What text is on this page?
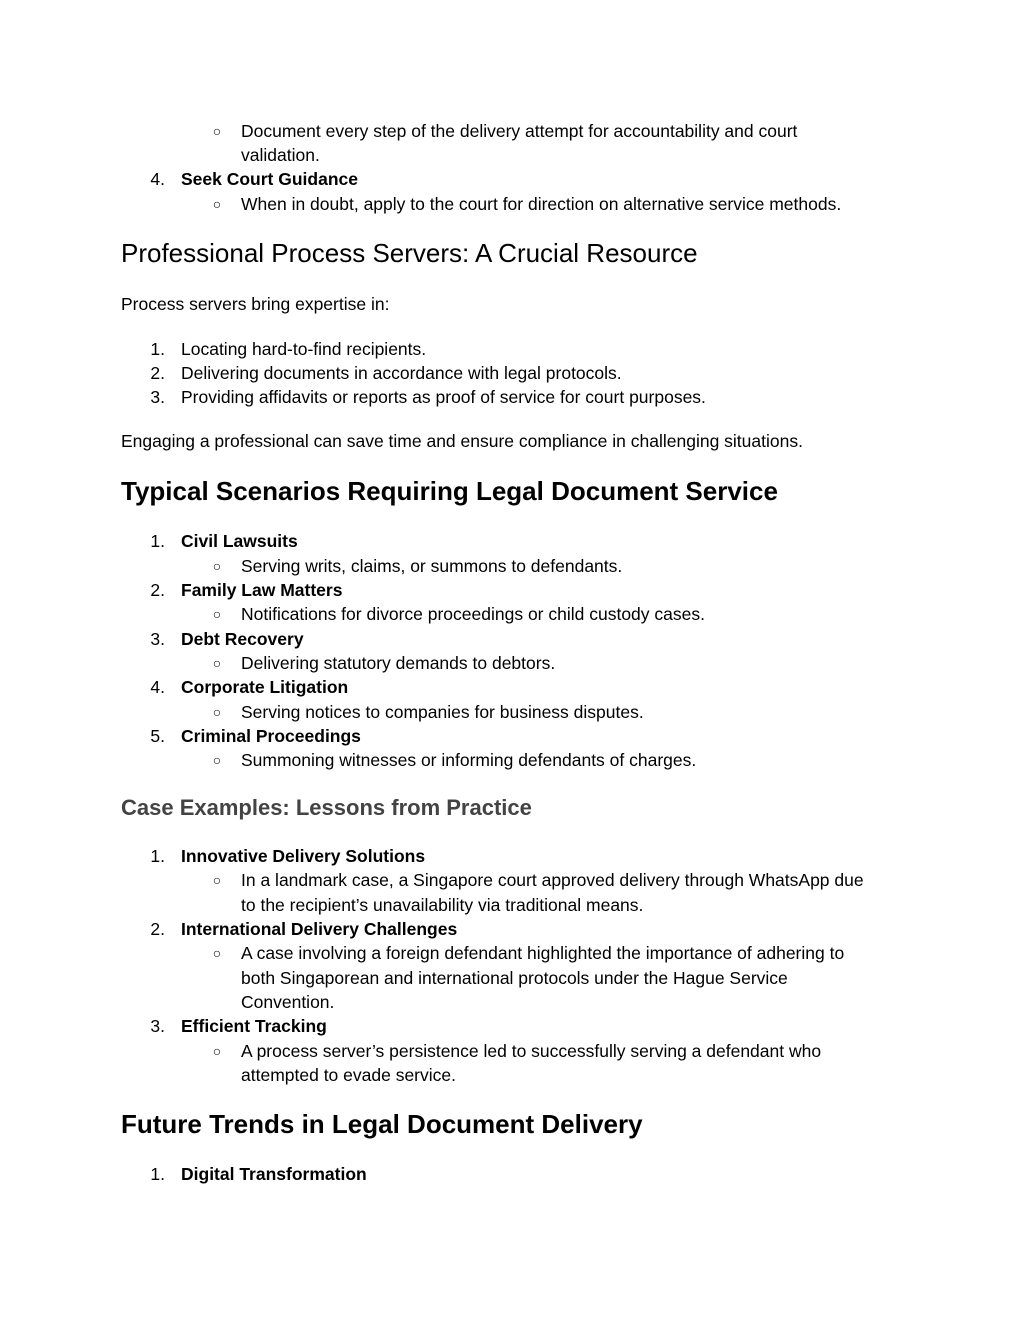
○	Document every step of the delivery attempt for accountability and court
validation.
4. Seek Court Guidance
○	When in doubt, apply to the court for direction on alternative service methods.
Professional Process Servers: A Crucial Resource
Process servers bring expertise in:
1. Locating hard-to-find recipients.
2. Delivering documents in accordance with legal protocols.
3. Providing affidavits or reports as proof of service for court purposes.
Engaging a professional can save time and ensure compliance in challenging situations.
Typical Scenarios Requiring Legal Document Service
1. Civil Lawsuits
○	Serving writs, claims, or summons to defendants.
2. Family Law Matters
○	Notifications for divorce proceedings or child custody cases.
3. Debt Recovery
○	Delivering statutory demands to debtors.
4. Corporate Litigation
○	Serving notices to companies for business disputes.
5. Criminal Proceedings
○	Summoning witnesses or informing defendants of charges.
Case Examples: Lessons from Practice
1. Innovative Delivery Solutions
○	In a landmark case, a Singapore court approved delivery through WhatsApp due
to the recipient’s unavailability via traditional means.
2. International Delivery Challenges
○	A case involving a foreign defendant highlighted the importance of adhering to
both Singaporean and international protocols under the Hague Service
Convention.
3. Efficient Tracking
○	A process server’s persistence led to successfully serving a defendant who
attempted to evade service.
Future Trends in Legal Document Delivery
1. Digital Transformation
